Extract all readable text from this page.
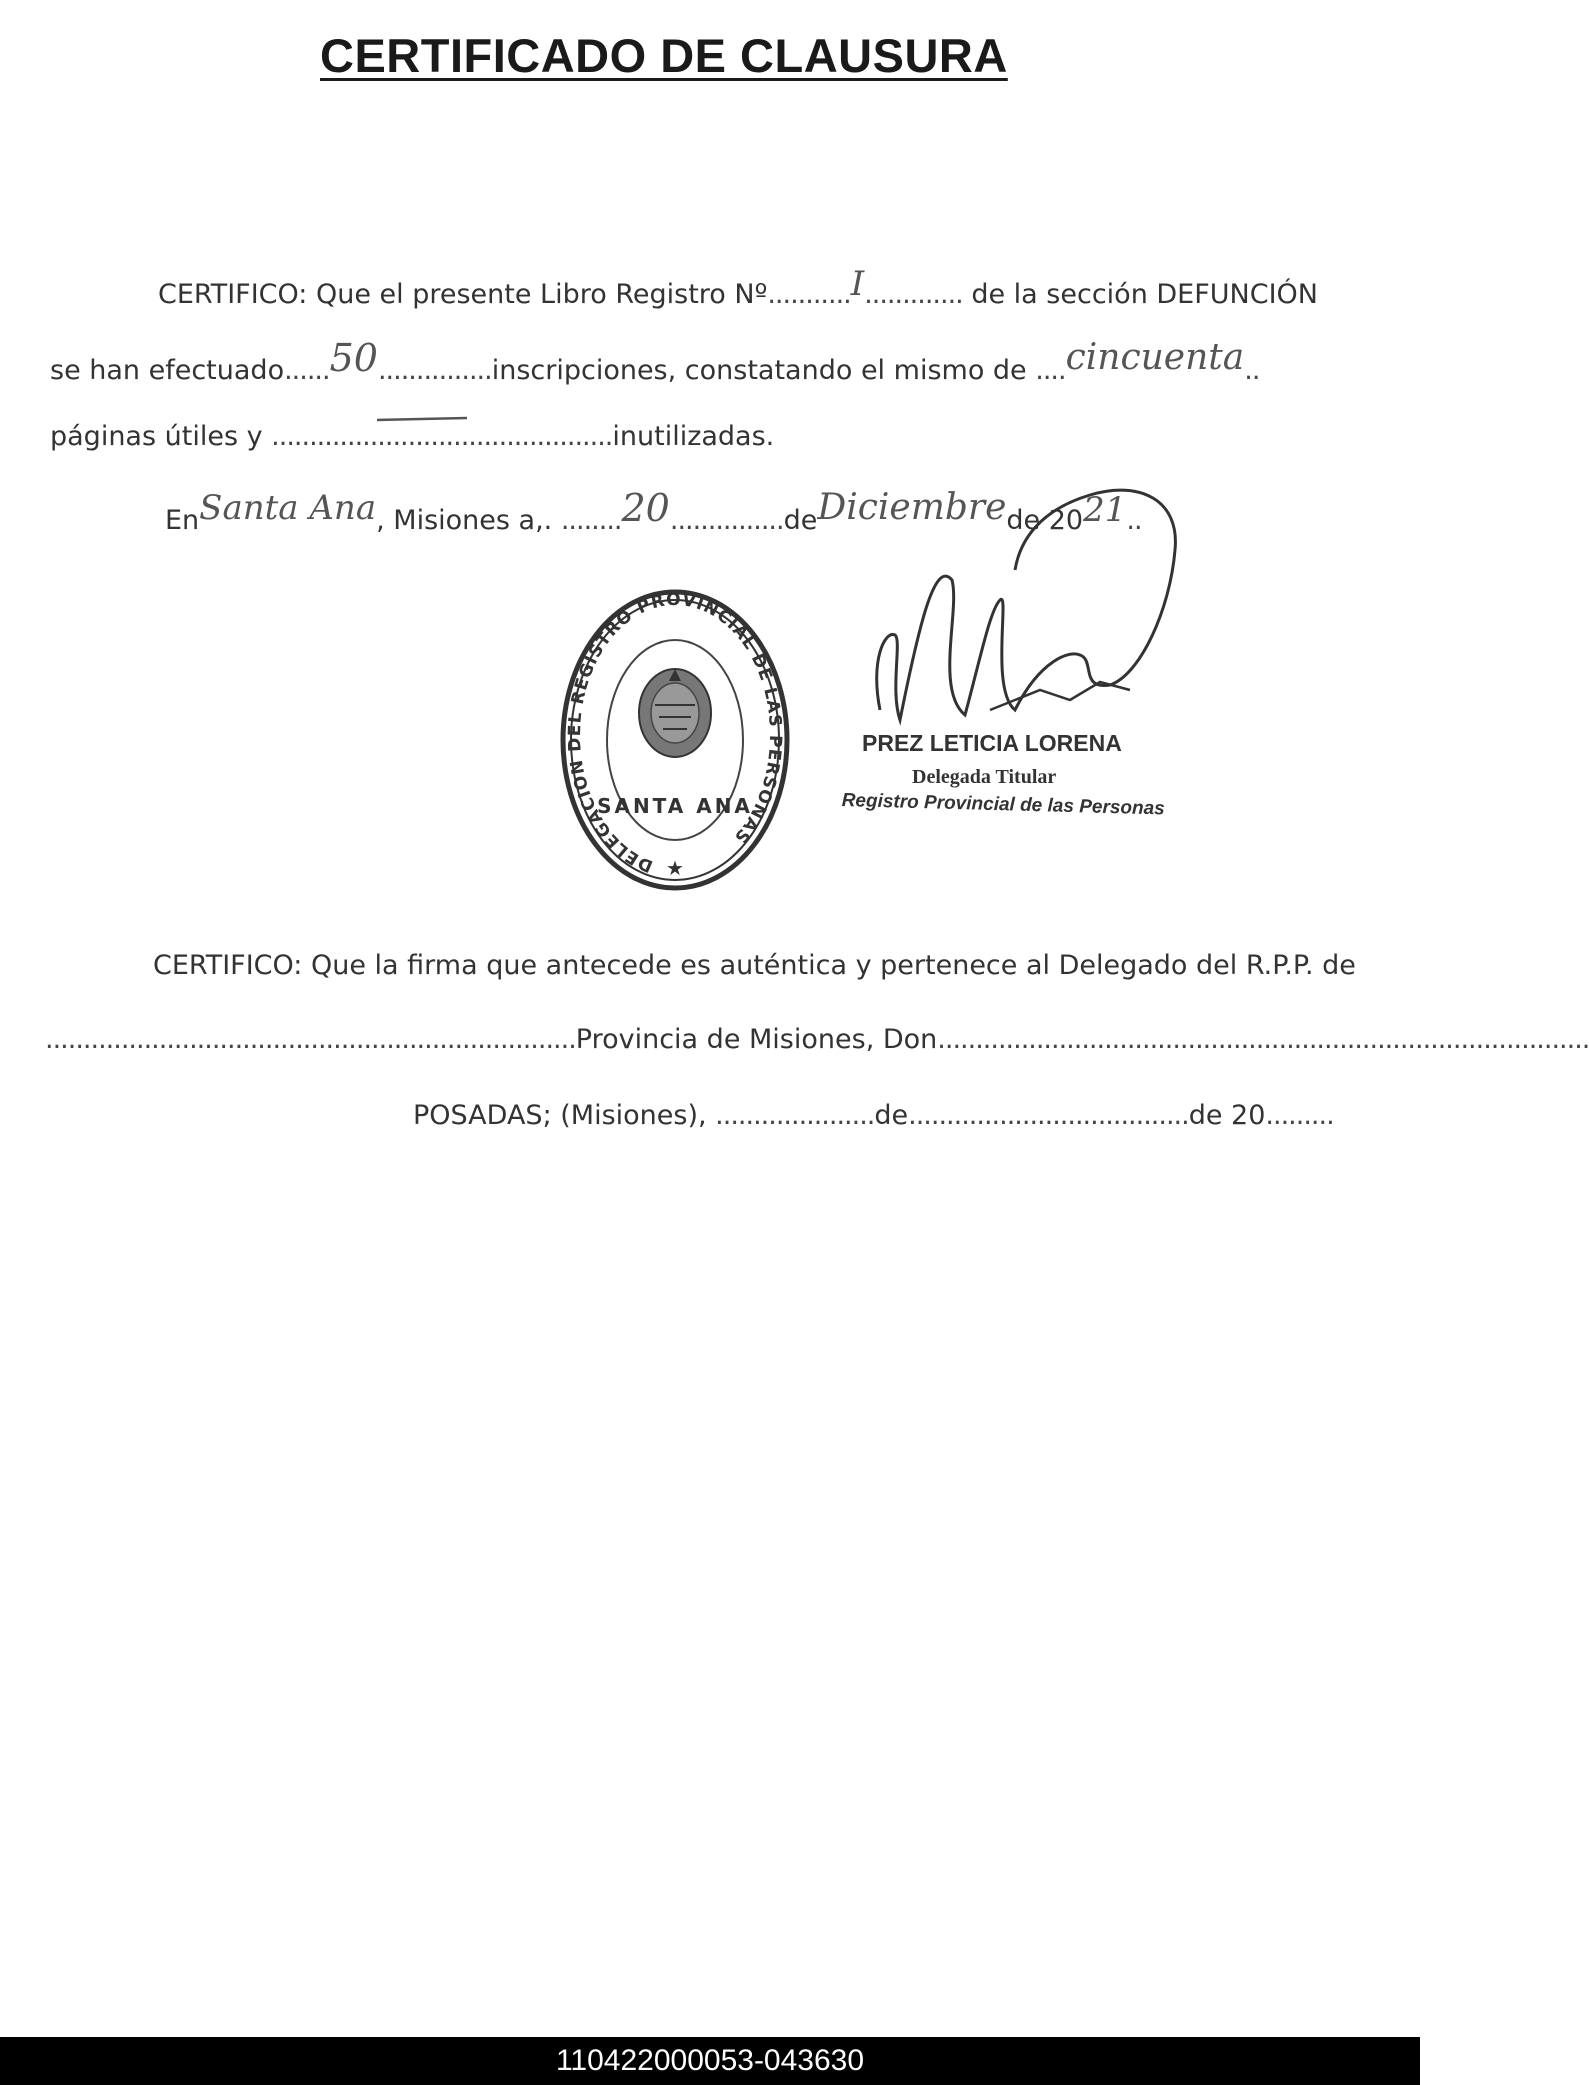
CERTIFICADO DE CLAUSURA
CERTIFICO: Que el presente Libro Registro Nº...........I............. de la sección DEFUNCIÓN
se han efectuado......50...............inscripciones, constatando el mismo de ....cincuenta..
páginas útiles y .............................................inutilizadas.
EnSanta Ana, Misiones a,. ........20...............deDiciembrede 2021..
DELEGACION DEL REGISTRO PROVINCIAL DE LAS PERSONAS
SANTA ANA
★
PREZ LETICIA LORENA
Delegada Titular
Registro Provincial de las Personas
CERTIFICO: Que la firma que antecede es auténtica y pertenece al Delegado del R.P.P. de
......................................................................Provincia de Misiones, Don......................................................................................
POSADAS; (Misiones), .....................de.....................................de 20.........
110422000053-043630
